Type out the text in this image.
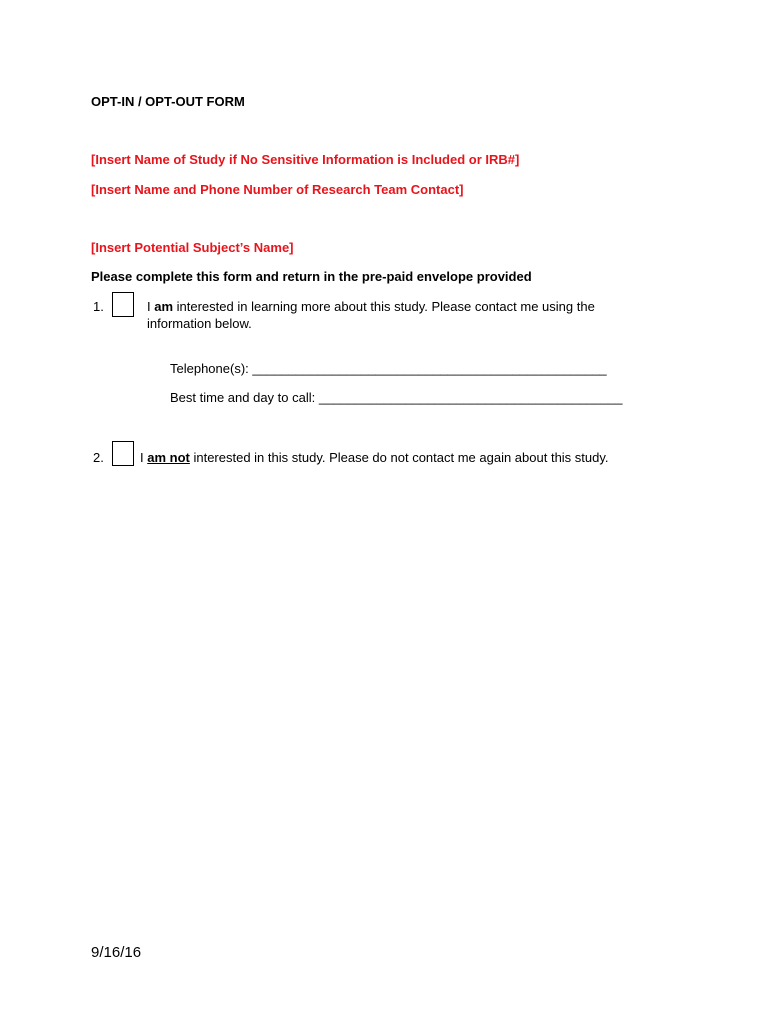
OPT-IN / OPT-OUT FORM
[Insert Name of Study if No Sensitive Information is Included or IRB#]
[Insert Name and Phone Number of Research Team Contact]
[Insert Potential Subject’s Name]
Please complete this form and return in the pre-paid envelope provided
1.	I am interested in learning more about this study. Please contact me using the
information below.
Telephone(s): _________________________________________________
Best time and day to call: __________________________________________
2.	I am not interested in this study. Please do not contact me again about this study.
9/16/16
